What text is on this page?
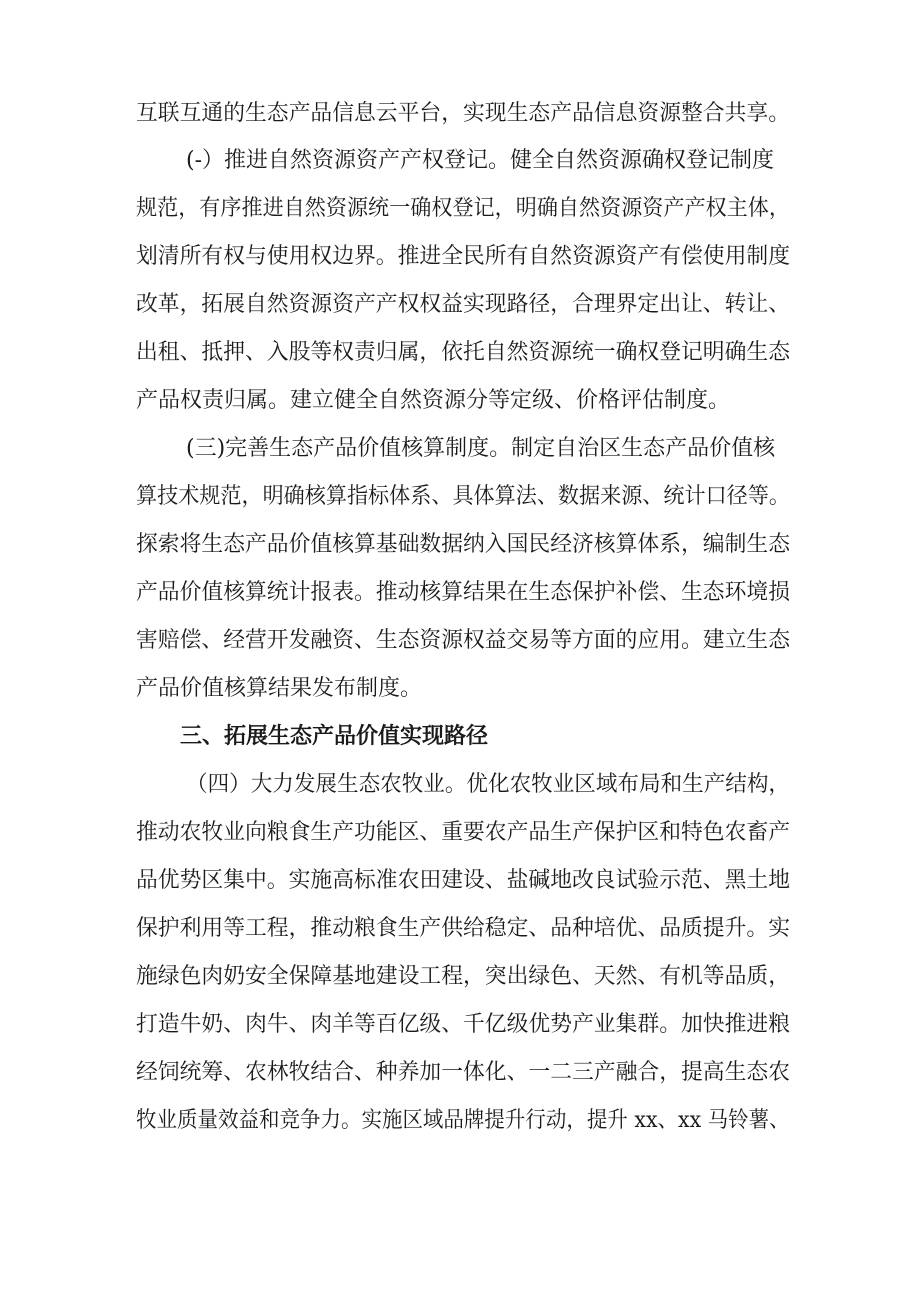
互联互通的生态产品信息云平台，实现生态产品信息资源整合共享。
(-）推进自然资源资产产权登记。健全自然资源确权登记制度
规范，有序推进自然资源统一确权登记，明确自然资源资产产权主体，
划清所有权与使用权边界。推进全民所有自然资源资产有偿使用制度
改革，拓展自然资源资产产权权益实现路径，合理界定出让、转让、
出租、抵押、入股等权责归属，依托自然资源统一确权登记明确生态
产品权责归属。建立健全自然资源分等定级、价格评估制度。
(三)完善生态产品价值核算制度。制定自治区生态产品价值核
算技术规范，明确核算指标体系、具体算法、数据来源、统计口径等。
探索将生态产品价值核算基础数据纳入国民经济核算体系，编制生态
产品价值核算统计报表。推动核算结果在生态保护补偿、生态环境损
害赔偿、经营开发融资、生态资源权益交易等方面的应用。建立生态
产品价值核算结果发布制度。
三、拓展生态产品价值实现路径
（四）大力发展生态农牧业。优化农牧业区域布局和生产结构，
推动农牧业向粮食生产功能区、重要农产品生产保护区和特色农畜产
品优势区集中。实施高标准农田建设、盐碱地改良试验示范、黑土地
保护利用等工程，推动粮食生产供给稳定、品种培优、品质提升。实
施绿色肉奶安全保障基地建设工程，突出绿色、天然、有机等品质，
打造牛奶、肉牛、肉羊等百亿级、千亿级优势产业集群。加快推进粮
经饲统筹、农林牧结合、种养加一体化、一二三产融合，提高生态农
牧业质量效益和竞争力。实施区域品牌提升行动，提升 xx、xx 马铃薯、
